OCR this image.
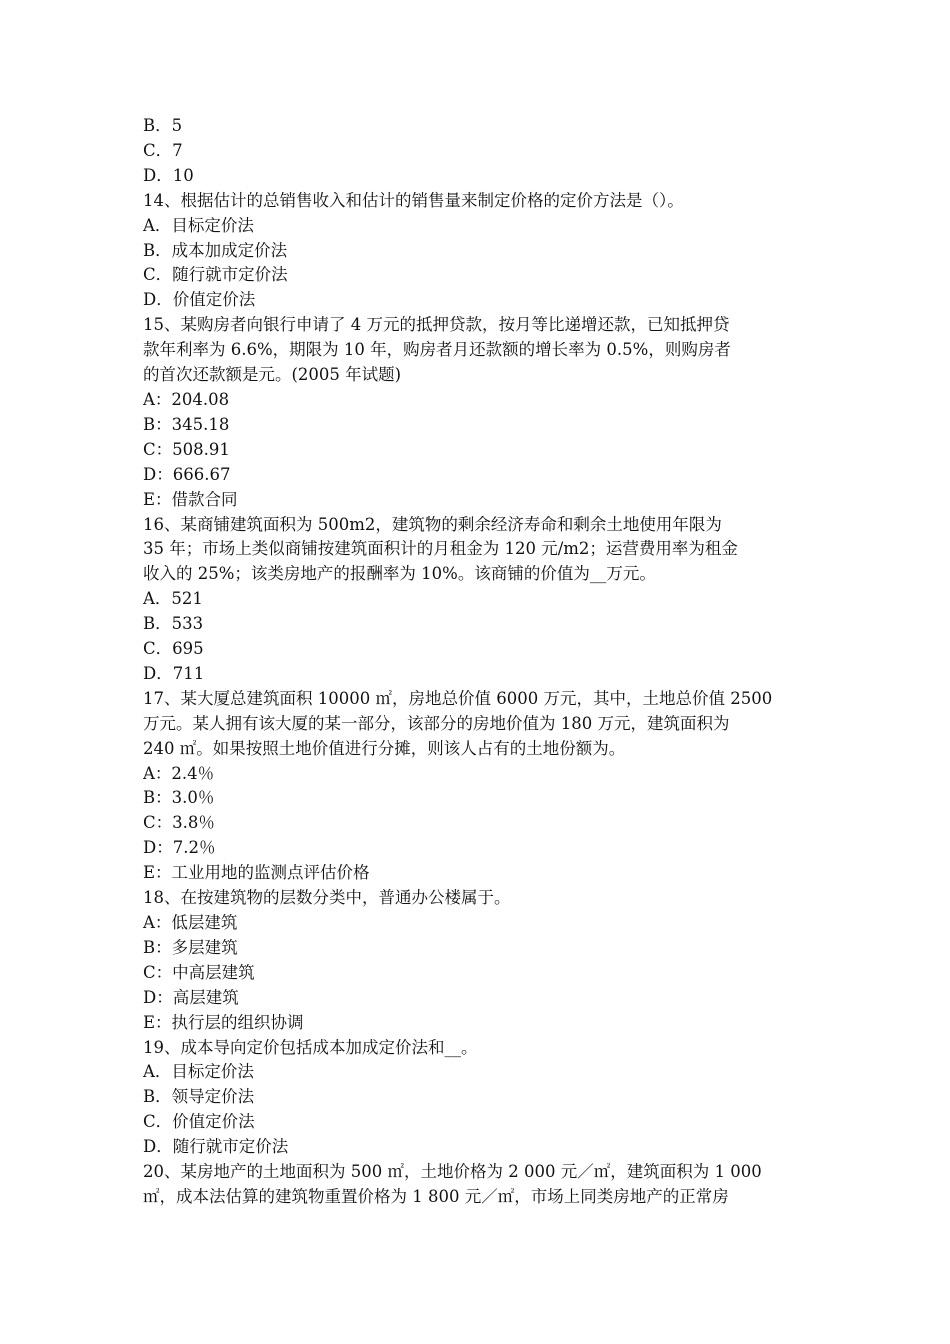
B．5
C．7
D．10
14、根据估计的总销售收入和估计的销售量来制定价格的定价方法是（）。
A．目标定价法
B．成本加成定价法
C．随行就市定价法
D．价值定价法
15、某购房者向银行申请了 4 万元的抵押贷款，按月等比递增还款，已知抵押贷
款年利率为 6.6%，期限为 10 年，购房者月还款额的增长率为 0.5%，则购房者
的首次还款额是元。(2005 年试题)
A：204.08
B：345.18
C：508.91
D：666.67
E：借款合同
16、某商铺建筑面积为 500m2，建筑物的剩余经济寿命和剩余土地使用年限为
35 年；市场上类似商铺按建筑面积计的月租金为 120 元/m2；运营费用率为租金
收入的 25%；该类房地产的报酬率为 10%。该商铺的价值为__万元。
A．521
B．533
C．695
D．711
17、某大厦总建筑面积 10000 ㎡，房地总价值 6000 万元，其中，土地总价值 2500
万元。某人拥有该大厦的某一部分，该部分的房地价值为 180 万元，建筑面积为
240 ㎡。如果按照土地价值进行分摊，则该人占有的土地份额为。
A：2.4％
B：3.0％
C：3.8％
D：7.2％
E：工业用地的监测点评估价格
18、在按建筑物的层数分类中，普通办公楼属于。
A：低层建筑
B：多层建筑
C：中高层建筑
D：高层建筑
E：执行层的组织协调
19、成本导向定价包括成本加成定价法和__。
A．目标定价法
B．领导定价法
C．价值定价法
D．随行就市定价法
20、某房地产的土地面积为 500 ㎡，土地价格为 2 000 元／㎡，建筑面积为 1 000
㎡，成本法估算的建筑物重置价格为 1 800 元／㎡，市场上同类房地产的正常房
